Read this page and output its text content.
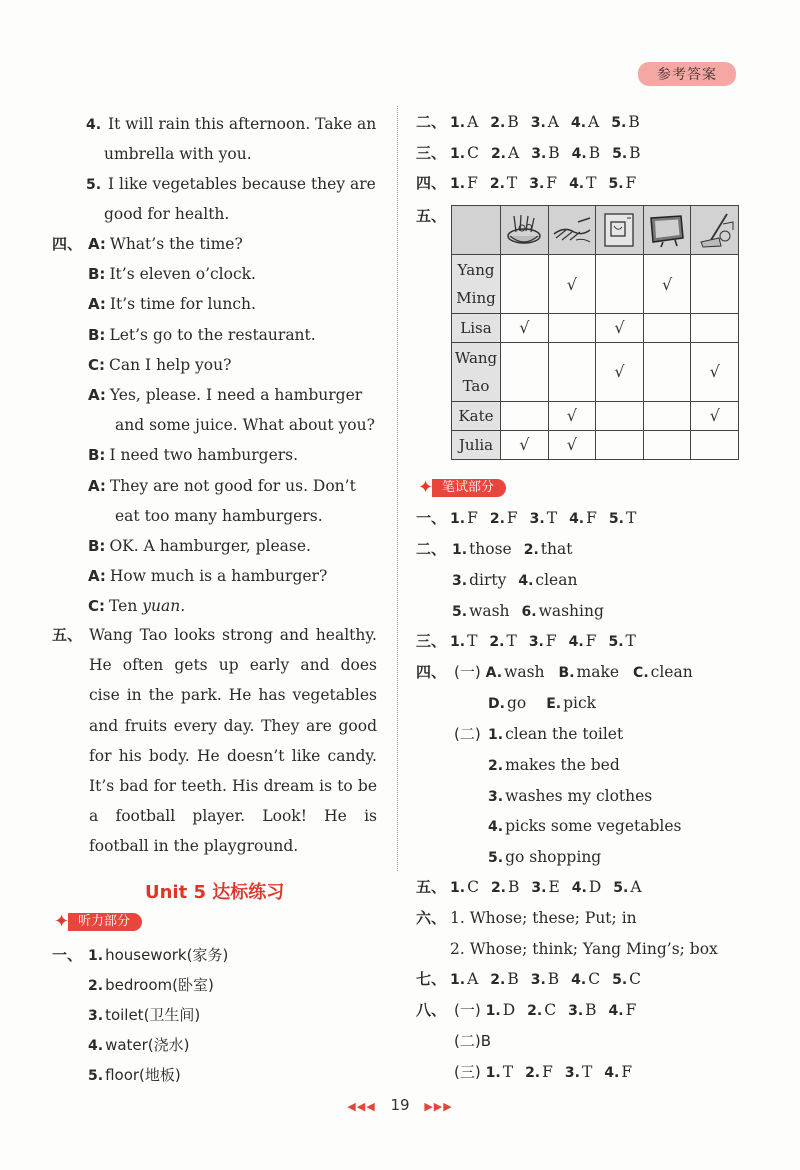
参考答案
4. It will rain this afternoon. Take an
umbrella with you.
5. I like vegetables because they are
good for health.
四、 A: What’s the time?
B: It’s eleven o’clock.
A: It’s time for lunch.
B: Let’s go to the restaurant.
C: Can I help you?
A: Yes, please. I need a hamburger
and some juice. What about you?
B: I need two hamburgers.
A: They are not good for us. Don’t
eat too many hamburgers.
B: OK. A hamburger, please.
A: How much is a hamburger?
C: Ten yuan.
五、 Wang Tao looks strong and healthy.
He often gets up early and does
cise in the park. He has vegetables
and fruits every day. They are good
for his body. He doesn’t like candy.
It’s bad for teeth. His dream is to be
a football player. Look! He is
football in the playground.
Unit 5 达标练习
✦ 听力部分
一、 1. housework(家务)
2. bedroom(卧室)
3. toilet(卫生间)
4. water(浇水)
5. floor(地板)
二、 1. A 2. B 3. A 4. A 5. B
三、 1. C 2. A 3. B 4. B 5. B
四、 1. F 2. T 3. F 4. T 5. F
五、

Yang
Ming		√		√	

Lisa	√		√		

Wang
Tao			√		√

Kate		√			√

Julia	√	√			
✦ 笔试部分
一、 1. F 2. F 3. T 4. F 5. T
二、 1. those 2. that
3. dirty 4. clean
5. wash 6. washing
三、 1. T 2. T 3. F 4. F 5. T
四、 (一) A. wash B. make C. clean
D. go E. pick
(二) 1. clean the toilet
2. makes the bed
3. washes my clothes
4. picks some vegetables
5. go shopping
五、 1. C 2. B 3. E 4. D 5. A
六、 1. Whose; these; Put; in
2. Whose; think; Yang Ming’s; box
七、 1. A 2. B 3. B 4. C 5. C
八、 (一) 1. D 2. C 3. B 4. F
(二)B
(三) 1. T 2. F 3. T 4. F
◀◀◀ 19 ▶▶▶
